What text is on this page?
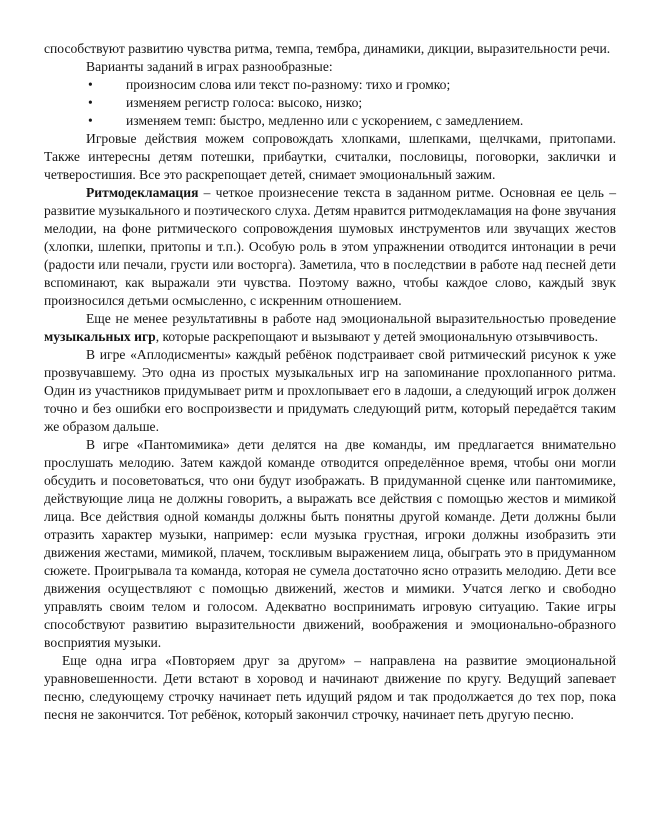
способствуют развитию чувства ритма, темпа, тембра, динамики, дикции, выразительности речи.

Варианты заданий в играх разнообразные:

•	произносим слова или текст по-разному: тихо и громко;
•	изменяем регистр голоса: высоко, низко;
•	изменяем темп: быстро, медленно или с ускорением, с замедлением.

Игровые действия можем сопровождать хлопками, шлепками, щелчками, притопами. Также интересны детям потешки, прибаутки, считалки, пословицы, поговорки, заклички и четверостишия. Все это раскрепощает детей, снимает эмоциональный зажим.

Ритмодекламация – четкое произнесение текста в заданном ритме. Основная ее цель – развитие музыкального и поэтического слуха. Детям нравится ритмодекламация на фоне звучания мелодии, на фоне ритмического сопровождения шумовых инструментов или звучащих жестов (хлопки, шлепки, притопы и т.п.). Особую роль в этом упражнении отводится интонации в речи (радости или печали, грусти или восторга). Заметила, что в последствии в работе над песней дети вспоминают, как выражали эти чувства. Поэтому важно, чтобы каждое слово, каждый звук произносился детьми осмысленно, с искренним отношением.

Еще не менее результативны в работе над эмоциональной выразительностью проведение музыкальных игр, которые раскрепощают и вызывают у детей эмоциональную отзывчивость.

В игре «Аплодисменты» каждый ребёнок подстраивает свой ритмический рисунок к уже прозвучавшему. Это одна из простых музыкальных игр на запоминание прохлопанного ритма. Один из участников придумывает ритм и прохлопывает его в ладоши, а следующий игрок должен точно и без ошибки его воспроизвести и придумать следующий ритм, который передаётся таким же образом дальше.

В игре «Пантомимика» дети делятся на две команды, им предлагается внимательно прослушать мелодию. Затем каждой команде отводится определённое время, чтобы они могли обсудить и посоветоваться, что они будут изображать. В придуманной сценке или пантомимике, действующие лица не должны говорить, а выражать все действия с помощью жестов и мимикой лица. Все действия одной команды должны быть понятны другой команде. Дети должны были отразить характер музыки, например: если музыка грустная, игроки должны изобразить эти движения жестами, мимикой, плачем, тоскливым выражением лица, обыграть это в придуманном сюжете. Проигрывала та команда, которая не сумела достаточно ясно отразить мелодию. Дети все движения осуществляют с помощью движений, жестов и мимики. Учатся легко и свободно управлять своим телом и голосом. Адекватно воспринимать игровую ситуацию. Такие игры способствуют развитию выразительности движений, воображения и эмоционально-образного восприятия музыки.

Еще одна игра «Повторяем друг за другом» – направлена на развитие эмоциональной уравновешенности. Дети встают в хоровод и начинают движение по кругу. Ведущий запевает песню, следующему строчку начинает петь идущий рядом и так продолжается до тех пор, пока песня не закончится. Тот ребёнок, который закончил строчку, начинает петь другую песню.
